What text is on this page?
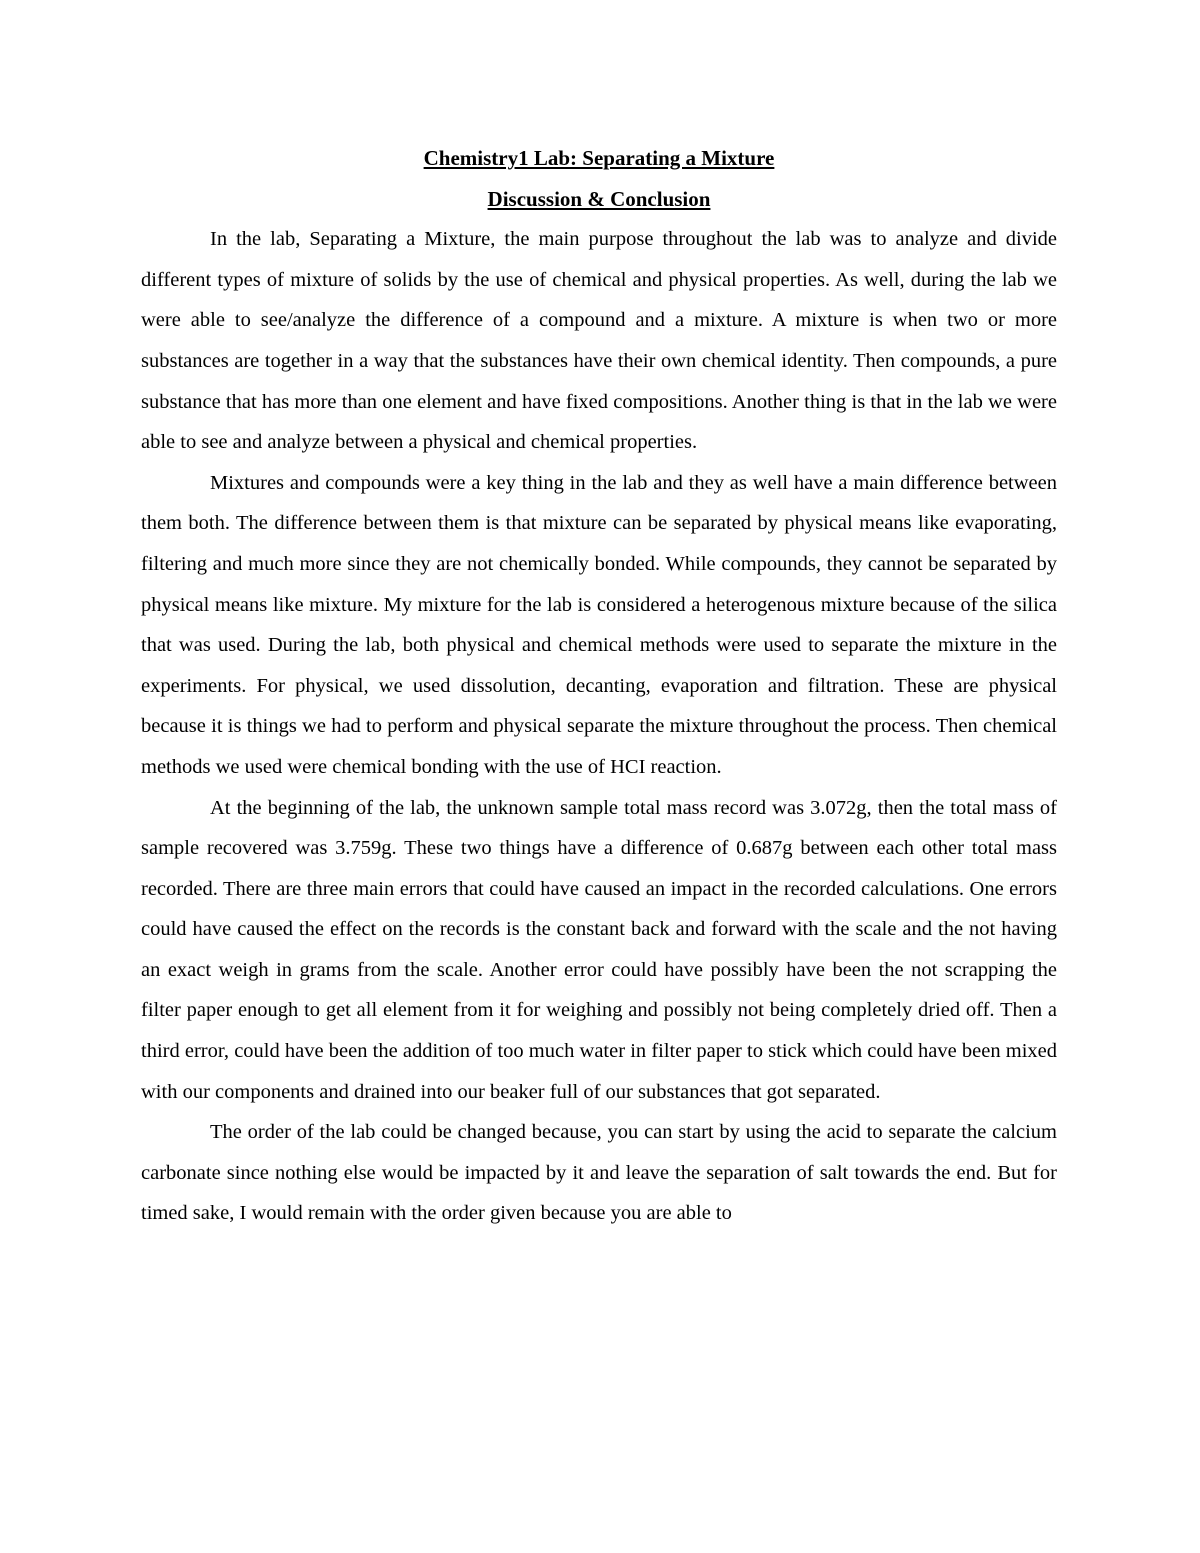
Chemistry1 Lab: Separating a Mixture
Discussion & Conclusion

In the lab, Separating a Mixture, the main purpose throughout the lab was to analyze and divide different types of mixture of solids by the use of chemical and physical properties. As well, during the lab we were able to see/analyze the difference of a compound and a mixture. A mixture is when two or more substances are together in a way that the substances have their own chemical identity. Then compounds, a pure substance that has more than one element and have fixed compositions. Another thing is that in the lab we were able to see and analyze between a physical and chemical properties.

Mixtures and compounds were a key thing in the lab and they as well have a main difference between them both. The difference between them is that mixture can be separated by physical means like evaporating, filtering and much more since they are not chemically bonded. While compounds, they cannot be separated by physical means like mixture. My mixture for the lab is considered a heterogenous mixture because of the silica that was used. During the lab, both physical and chemical methods were used to separate the mixture in the experiments. For physical, we used dissolution, decanting, evaporation and filtration. These are physical because it is things we had to perform and physical separate the mixture throughout the process. Then chemical methods we used were chemical bonding with the use of HCI reaction.

At the beginning of the lab, the unknown sample total mass record was 3.072g, then the total mass of sample recovered was 3.759g. These two things have a difference of 0.687g between each other total mass recorded. There are three main errors that could have caused an impact in the recorded calculations. One errors could have caused the effect on the records is the constant back and forward with the scale and the not having an exact weigh in grams from the scale. Another error could have possibly have been the not scrapping the filter paper enough to get all element from it for weighing and possibly not being completely dried off. Then a third error, could have been the addition of too much water in filter paper to stick which could have been mixed with our components and drained into our beaker full of our substances that got separated.

The order of the lab could be changed because, you can start by using the acid to separate the calcium carbonate since nothing else would be impacted by it and leave the separation of salt towards the end. But for timed sake, I would remain with the order given because you are able to
